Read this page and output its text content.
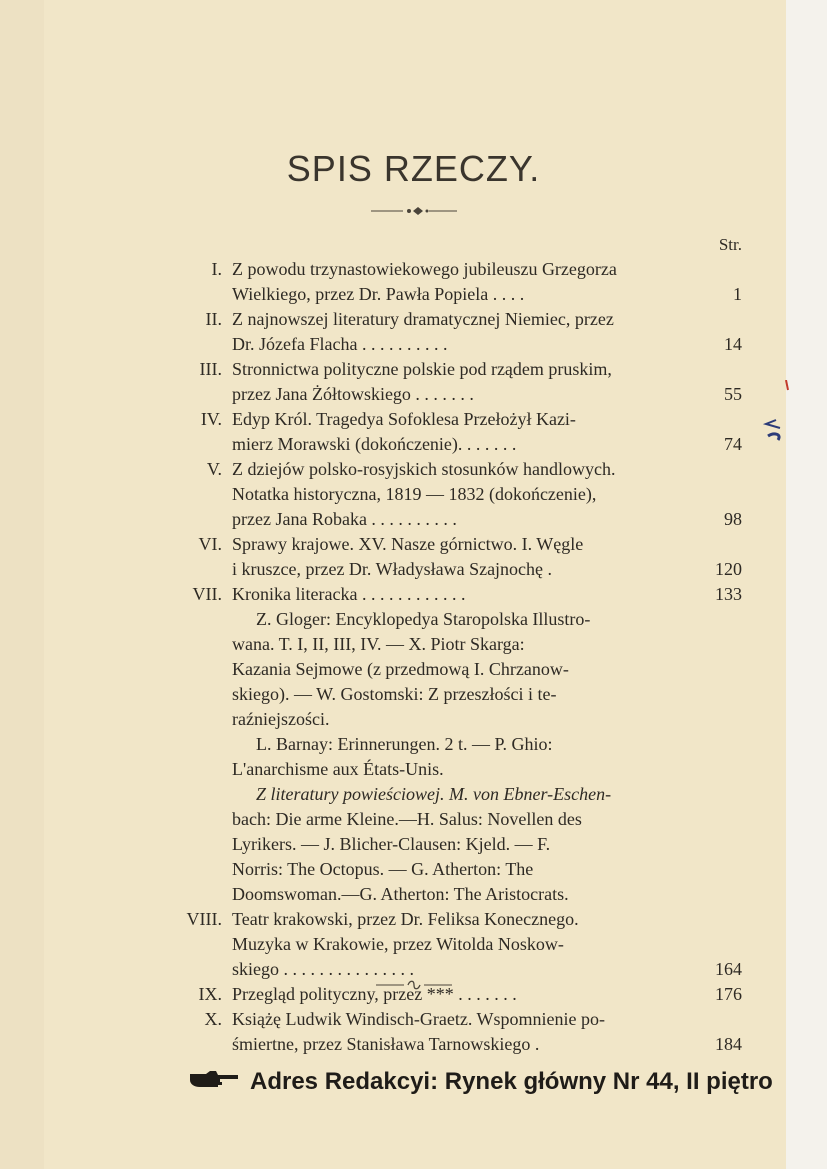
SPIS RZECZY.
Str.
I. Z powodu trzynastowiekowego jubileuszu Grzegorza
Wielkiego, przez Dr. Pawła Popiela . . . .	1
II. Z najnowszej literatury dramatycznej Niemiec, przez
Dr. Józefa Flacha . . . . . . . . . .	14
III. Stronnictwa polityczne polskie pod rządem pruskim,
przez Jana Żółtowskiego . . . . . . .	55
IV. Edyp Król. Tragedya Sofoklesa Przełożył Kazi-
mierz Morawski (dokończenie). . . . . . .	74
V. Z dziejów polsko-rosyjskich stosunków handlowych.
Notatka historyczna, 1819 — 1832 (dokończenie),
przez Jana Robaka . . . . . . . . . .	98
VI. Sprawy krajowe. XV. Nasze górnictwo. I. Węgle
i kruszce, przez Dr. Władysława Szajnochę .	120
VII. Kronika literacka . . . . . . . . . . . .	133
Z. Gloger: Encyklopedya Staropolska Illustro-
wana. T. I, II, III, IV. — X. Piotr Skarga:
Kazania Sejmowe (z przedmową I. Chrzanow-
skiego). — W. Gostomski: Z przeszłości i te-
raźniejszości.
L. Barnay: Erinnerungen. 2 t. — P. Ghio:
L'anarchisme aux États-Unis.
Z literatury powieściowej. M. von Ebner-Eschen-
bach: Die arme Kleine.—H. Salus: Novellen des
Lyrikers. — J. Blicher-Clausen: Kjeld. — F.
Norris: The Octopus. — G. Atherton: The
Doomswoman.—G. Atherton: The Aristocrats.
VIII. Teatr krakowski, przez Dr. Feliksa Konecznego.
Muzyka w Krakowie, przez Witolda Noskow-
skiego . . . . . . . . . . . . . . .	164
IX. Przegląd polityczny, przez *** . . . . . . .	176
X. Książę Ludwik Windisch-Graetz. Wspomnienie po-
śmiertne, przez Stanisława Tarnowskiego .	184
Adres Redakcyi: Rynek główny Nr 44, II piętro
